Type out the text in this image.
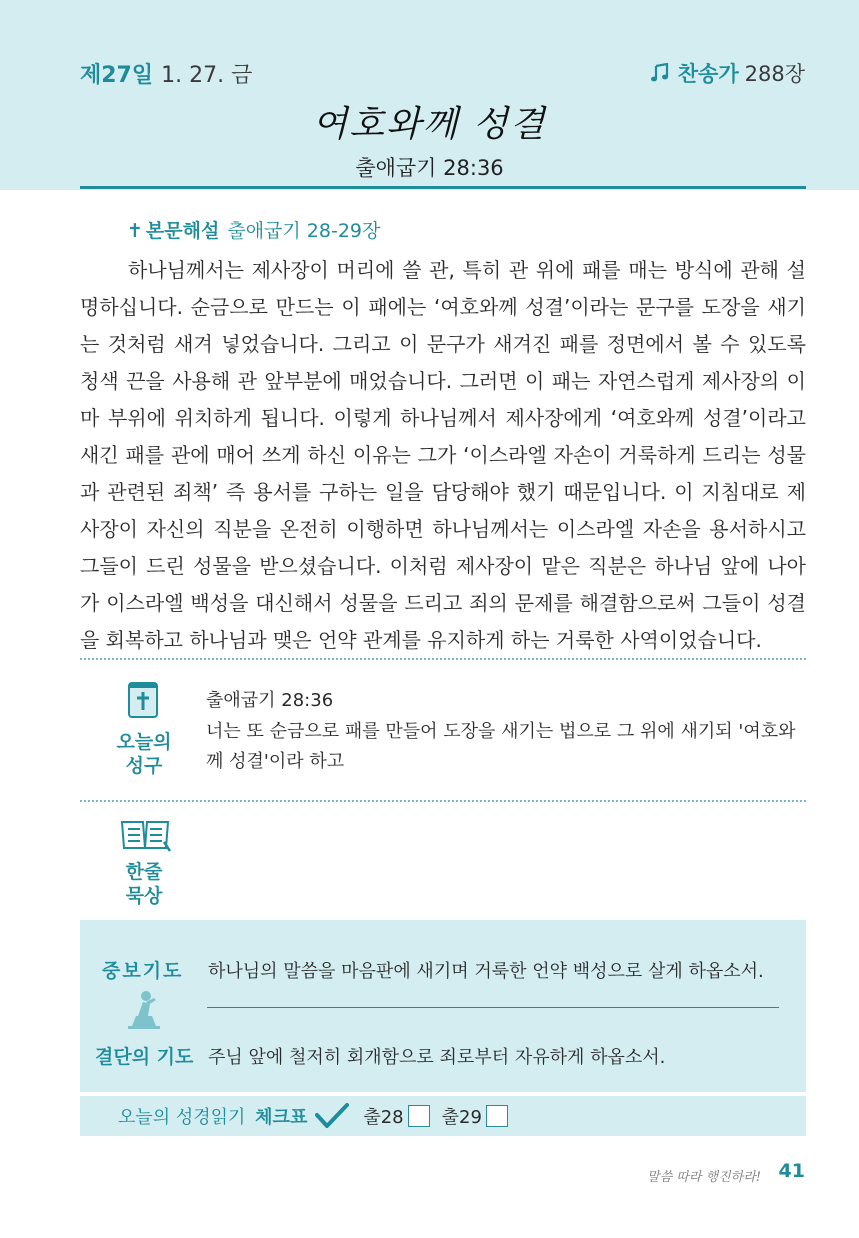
제27일 1. 27. 금	찬송가 288장
여호와께 성결
출애굽기 28:36
✝ 본문해설 출애굽기 28-29장

하나님께서는 제사장이 머리에 쓸 관, 특히 관 위에 패를 매는 방식에 관해 설명하십니다. 순금으로 만드는 이 패에는 ‘여호와께 성결’이라는 문구를 도장을 새기는 것처럼 새겨 넣었습니다. 그리고 이 문구가 새겨진 패를 정면에서 볼 수 있도록 청색 끈을 사용해 관 앞부분에 매었습니다. 그러면 이 패는 자연스럽게 제사장의 이마 부위에 위치하게 됩니다. 이렇게 하나님께서 제사장에게 ‘여호와께 성결’이라고 새긴 패를 관에 매어 쓰게 하신 이유는 그가 ‘이스라엘 자손이 거룩하게 드리는 성물과 관련된 죄책’ 즉 용서를 구하는 일을 담당해야 했기 때문입니다. 이 지침대로 제사장이 자신의 직분을 온전히 이행하면 하나님께서는 이스라엘 자손을 용서하시고 그들이 드린 성물을 받으셨습니다. 이처럼 제사장이 맡은 직분은 하나님 앞에 나아가 이스라엘 백성을 대신해서 성물을 드리고 죄의 문제를 해결함으로써 그들이 성결을 회복하고 하나님과 맺은 언약 관계를 유지하게 하는 거룩한 사역이었습니다.

오늘의
성구
출애굽기 28:36
너는 또 순금으로 패를 만들어 도장을 새기는 법으로 그 위에 새기되 '여호와께 성결'이라 하고
한줄
묵상
중보기도 하나님의 말씀을 마음판에 새기며 거룩한 언약 백성으로 살게 하옵소서.
결단의 기도 주님 앞에 철저히 회개함으로 죄로부터 자유하게 하옵소서.
오늘의 성경읽기 체크표	출28 출29
말씀 따라 행진하라! 41
